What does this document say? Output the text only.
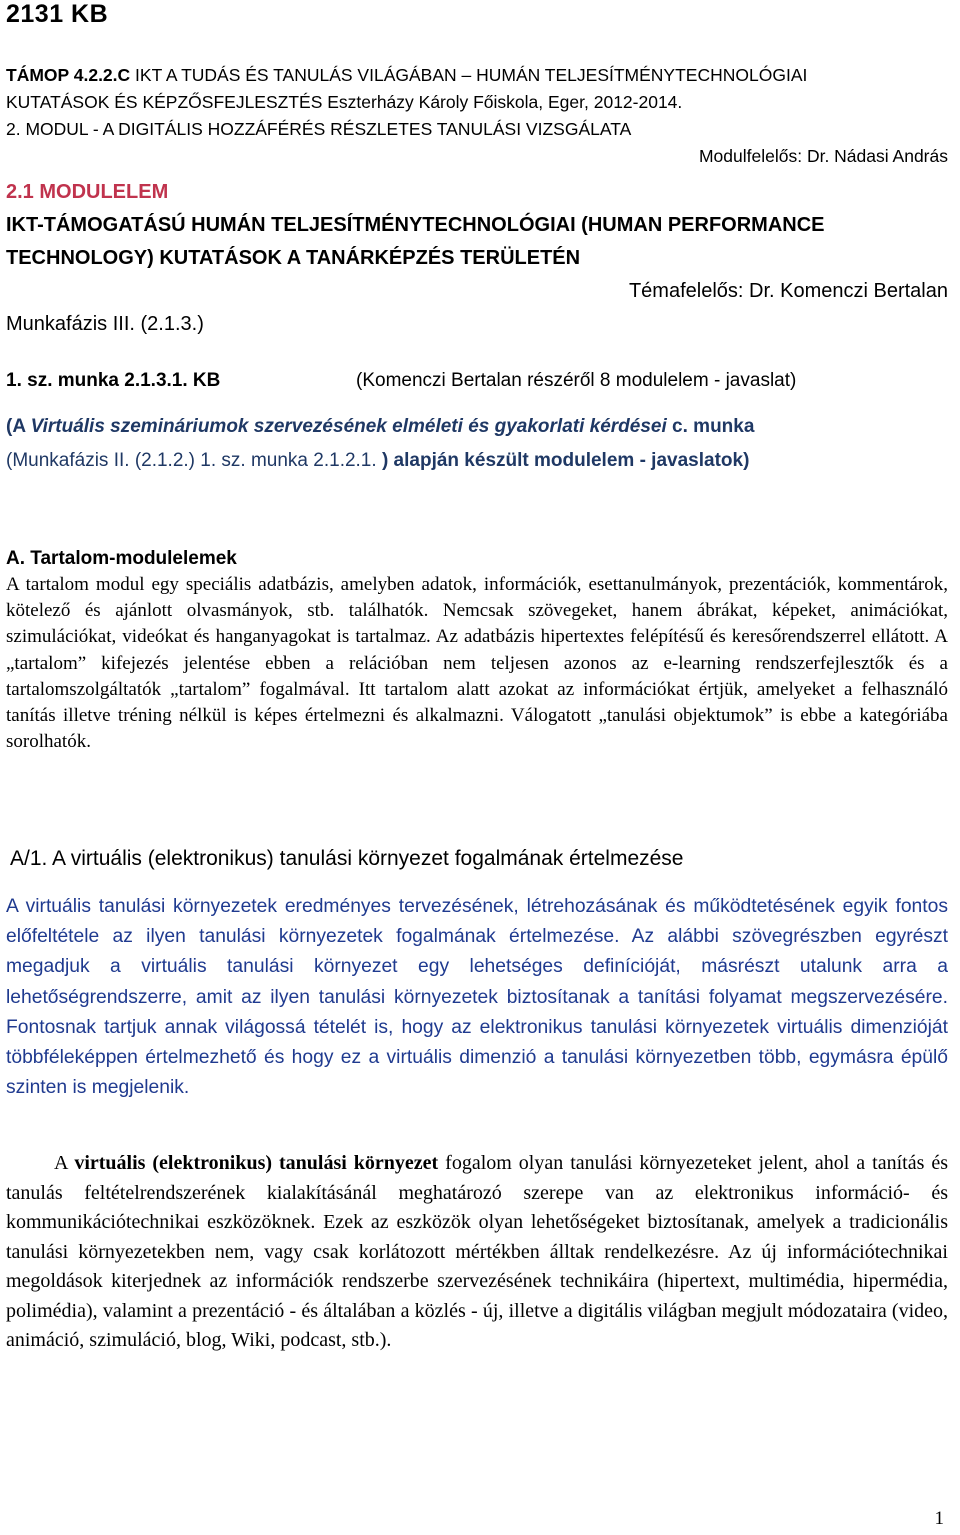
2131 KB
TÁMOP 4.2.2.C IKT A TUDÁS ÉS TANULÁS VILÁGÁBAN – HUMÁN TELJESÍTMÉNYTECHNOLÓGIAI
KUTATÁSOK ÉS KÉPZŐSFEJLESZTÉS Eszterházy Károly Főiskola, Eger, 2012-2014.
2. MODUL - A DIGITÁLIS HOZZÁFÉRÉS RÉSZLETES TANULÁSI VIZSGÁLATA
Modulfelelős: Dr. Nádasi András
2.1 MODULELEM
IKT-TÁMOGATÁSÚ HUMÁN TELJESÍTMÉNYTECHNOLÓGIAI (HUMAN PERFORMANCE TECHNOLOGY) KUTATÁSOK A TANÁRKÉPZÉS TERÜLETÉN
Témafelelős: Dr. Komenczi Bertalan
Munkafázis III. (2.1.3.)
1. sz. munka 2.1.3.1. KB	(Komenczi Bertalan részéről 8 modulelem - javaslat)
(A Virtuális szemináriumok szervezésének elméleti és gyakorlati kérdései c. munka
(Munkafázis II. (2.1.2.) 1. sz. munka 2.1.2.1. ) alapján készült modulelem - javaslatok)
A. Tartalom-modulelemek

A tartalom modul egy speciális adatbázis, amelyben adatok, információk, esettanulmányok, prezentációk, kommentárok, kötelező és ajánlott olvasmányok, stb. találhatók. Nemcsak szövegeket, hanem ábrákat, képeket, animációkat, szimulációkat, videókat és hanganyagokat is tartalmaz. Az adatbázis hipertextes felépítésű és keresőrendszerrel ellátott. A „tartalom” kifejezés jelentése ebben a relációban nem teljesen azonos az e-learning rendszerfejlesztők és a tartalomszolgáltatók „tartalom” fogalmával. Itt tartalom alatt azokat az információkat értjük, amelyeket a felhasználó tanítás illetve tréning nélkül is képes értelmezni és alkalmazni. Válogatott „tanulási objektumok” is ebbe a kategóriába sorolhatók.

A/1. A virtuális (elektronikus) tanulási környezet fogalmának értelmezése

A virtuális tanulási környezetek eredményes tervezésének, létrehozásának és működtetésének egyik fontos előfeltétele az ilyen tanulási környezetek fogalmának értelmezése. Az alábbi szövegrészben egyrészt megadjuk a virtuális tanulási környezet egy lehetséges definícióját, másrészt utalunk arra a lehetőségrendszerre, amit az ilyen tanulási környezetek biztosítanak a tanítási folyamat megszervezésére. Fontosnak tartjuk annak világossá tételét is, hogy az elektronikus tanulási környezetek virtuális dimenzióját többféleképpen értelmezhető és hogy ez a virtuális dimenzió a tanulási környezetben több, egymásra épülő szinten is megjelenik.

A virtuális (elektronikus) tanulási környezet fogalom olyan tanulási környezeteket jelent, ahol a tanítás és tanulás feltételrendszerének kialakításánál meghatározó szerepe van az elektronikus információ- és kommunikációtechnikai eszközöknek. Ezek az eszközök olyan lehetőségeket biztosítanak, amelyek a tradicionális tanulási környezetekben nem, vagy csak korlátozott mértékben álltak rendelkezésre. Az új információtechnikai megoldások kiterjednek az információk rendszerbe szervezésének technikáira (hipertext, multimédia, hipermédia, polimédia), valamint a prezentáció - és általában a közlés - új, illetve a digitális világban megjult módozataira (video, animáció, szimuláció, blog, Wiki, podcast, stb.).

1
